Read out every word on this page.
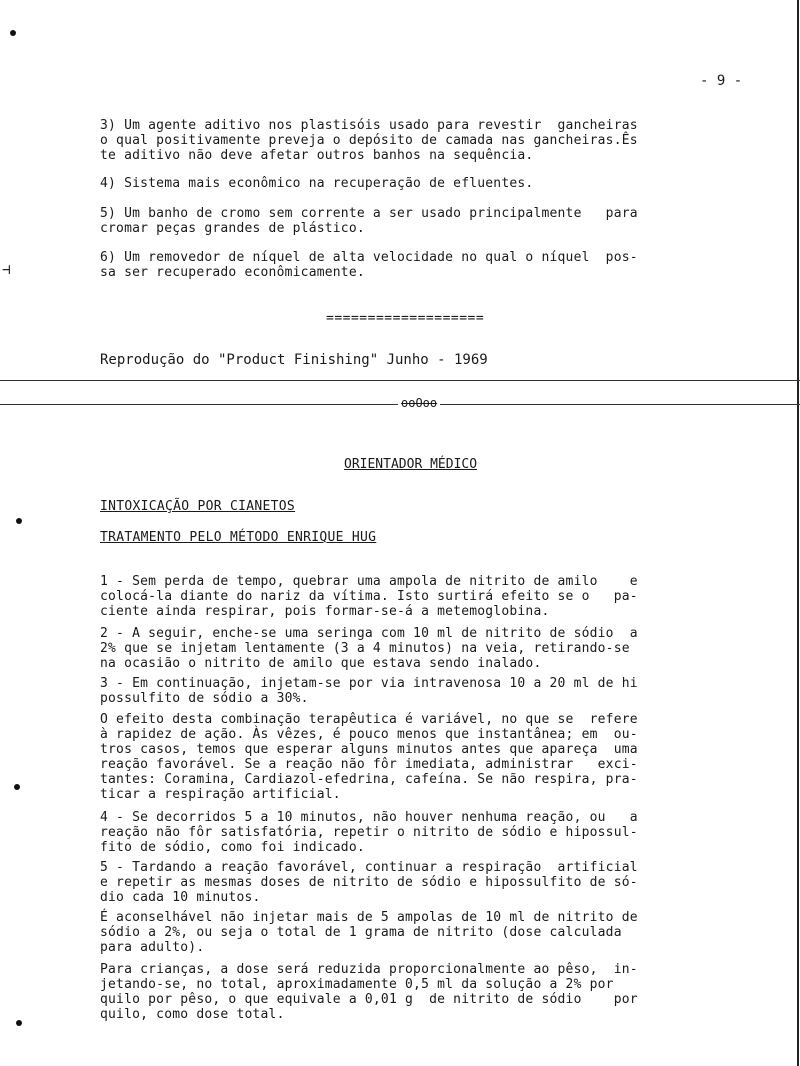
⊣
- 9 -
3) Um agente aditivo nos plastisóis usado para revestir  gancheiras
o qual positivamente preveja o depósito de camada nas gancheiras.Ês
te aditivo não deve afetar outros banhos na sequência.
4) Sistema mais econômico na recuperação de efluentes.
5) Um banho de cromo sem corrente a ser usado principalmente   para
cromar peças grandes de plástico.
6) Um removedor de níquel de alta velocidade no qual o níquel  pos-
sa ser recuperado econômicamente.
===================
Reprodução do "Product Finishing" Junho - 1969
ooOoo
ORIENTADOR MÉDICO
INTOXICAÇÃO POR CIANETOS
TRATAMENTO PELO MÉTODO ENRIQUE HUG
1 - Sem perda de tempo, quebrar uma ampola de nitrito de amilo    e
colocá-la diante do nariz da vítima. Isto surtirá efeito se o   pa-
ciente ainda respirar, pois formar-se-á a metemoglobina.
2 - A seguir, enche-se uma seringa com 10 ml de nitrito de sódio  a
2% que se injetam lentamente (3 a 4 minutos) na veia, retirando-se
na ocasião o nitrito de amilo que estava sendo inalado.
3 - Em continuação, injetam-se por via intravenosa 10 a 20 ml de hi
possulfito de sódio a 30%.
O efeito desta combinação terapêutica é variável, no que se  refere
à rapidez de ação. Às vêzes, é pouco menos que instantânea; em  ou-
tros casos, temos que esperar alguns minutos antes que apareça  uma
reação favorável. Se a reação não fôr imediata, administrar   exci-
tantes: Coramina, Cardiazol-efedrina, cafeína. Se não respira, pra-
ticar a respiração artificial.
4 - Se decorridos 5 a 10 minutos, não houver nenhuma reação, ou   a
reação não fôr satisfatória, repetir o nitrito de sódio e hipossul-
fito de sódio, como foi indicado.
5 - Tardando a reação favorável, continuar a respiração  artificial
e repetir as mesmas doses de nitrito de sódio e hipossulfito de só-
dio cada 10 minutos.
É aconselhável não injetar mais de 5 ampolas de 10 ml de nitrito de
sódio a 2%, ou seja o total de 1 grama de nitrito (dose calculada
para adulto).
Para crianças, a dose será reduzida proporcionalmente ao pêso,  in-
jetando-se, no total, aproximadamente 0,5 ml da solução a 2% por
quilo por pêso, o que equivale a 0,01 g  de nitrito de sódio    por
quilo, como dose total.
